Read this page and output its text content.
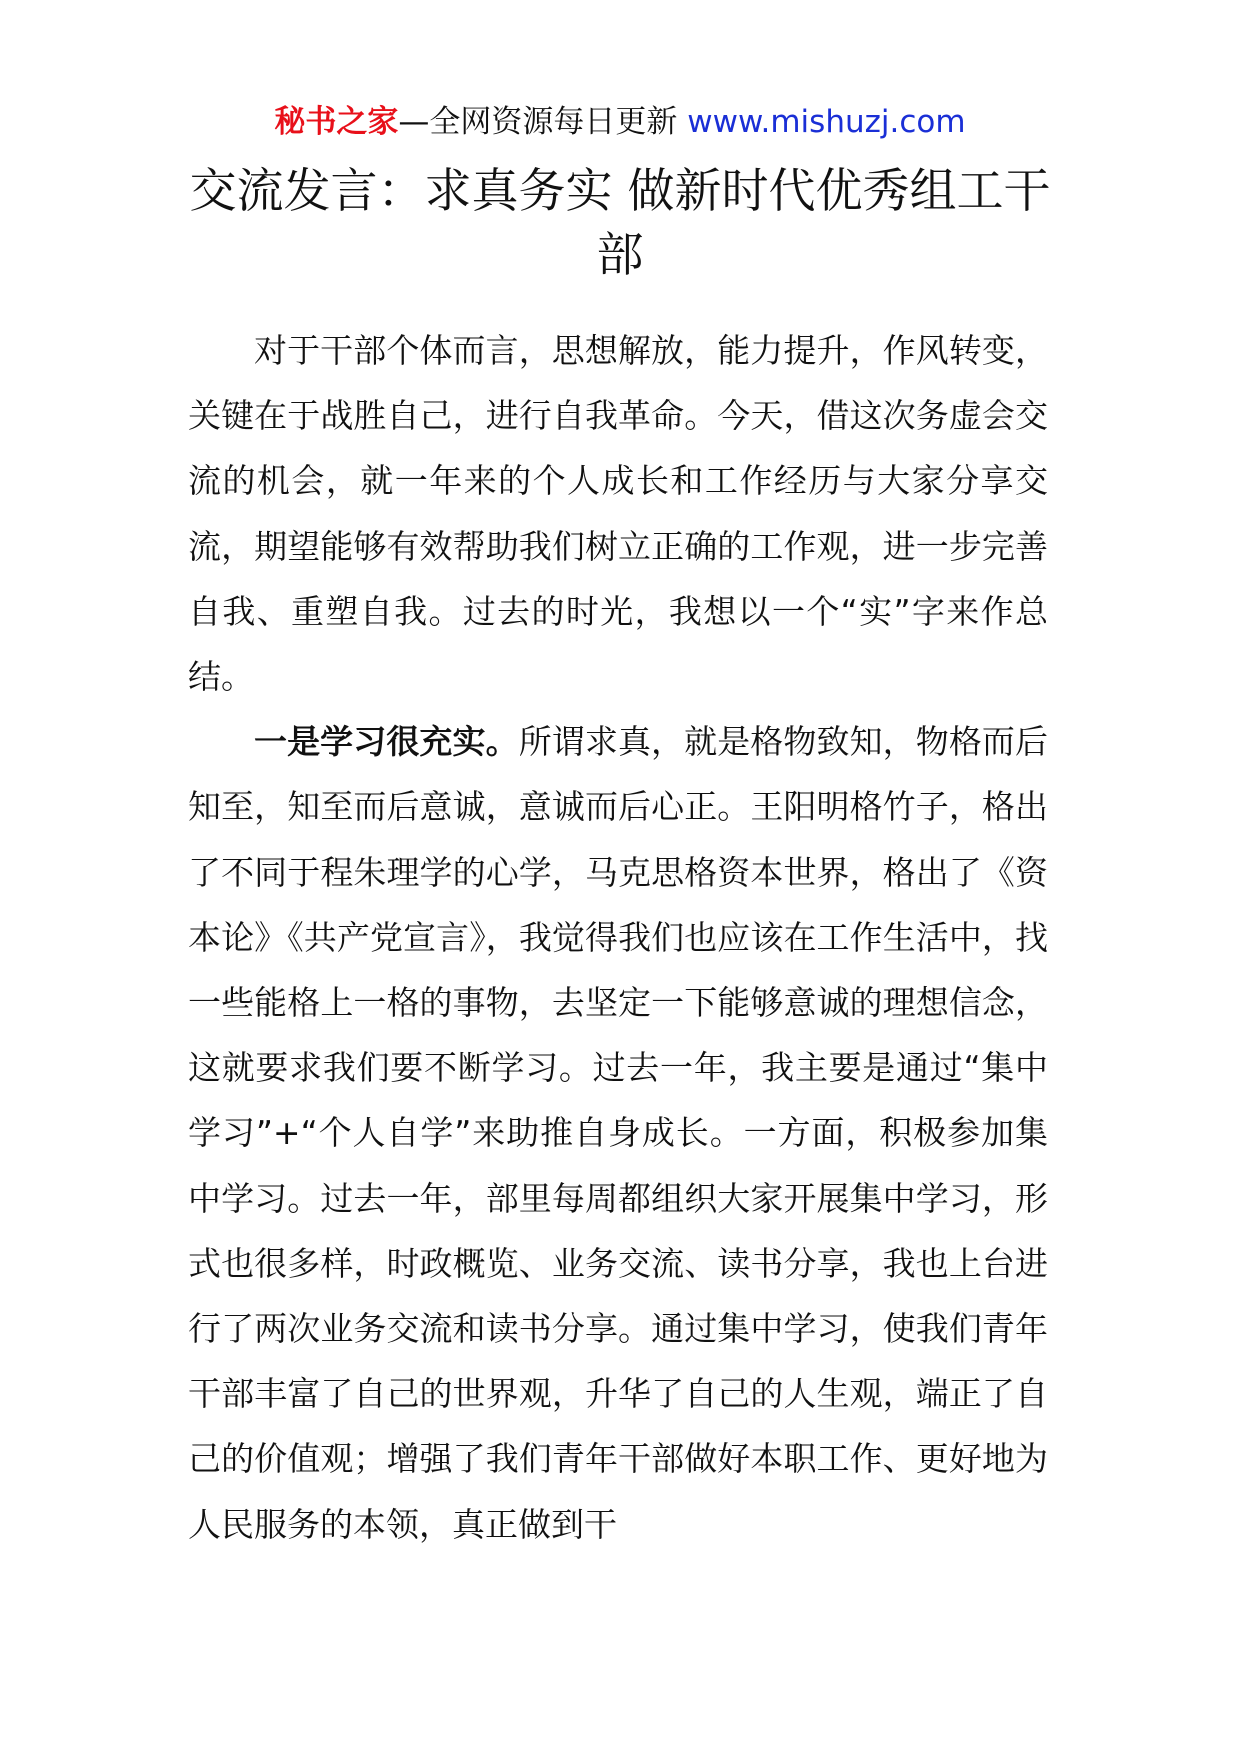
秘书之家—全网资源每日更新 www.mishuzj.com
交流发言：求真务实 做新时代优秀组工干部

对于干部个体而言，思想解放，能力提升，作风转变，关键在于战胜自己，进行自我革命。今天，借这次务虚会交流的机会，就一年来的个人成长和工作经历与大家分享交流，期望能够有效帮助我们树立正确的工作观，进一步完善自我、重塑自我。过去的时光，我想以一个“实”字来作总结。

一是学习很充实。所谓求真，就是格物致知，物格而后知至，知至而后意诚，意诚而后心正。王阳明格竹子，格出了不同于程朱理学的心学，马克思格资本世界，格出了《资本论》《共产党宣言》，我觉得我们也应该在工作生活中，找一些能格上一格的事物，去坚定一下能够意诚的理想信念，这就要求我们要不断学习。过去一年，我主要是通过“集中学习”+“个人自学”来助推自身成长。一方面，积极参加集中学习。过去一年，部里每周都组织大家开展集中学习，形式也很多样，时政概览、业务交流、读书分享，我也上台进行了两次业务交流和读书分享。通过集中学习，使我们青年干部丰富了自己的世界观，升华了自己的人生观，端正了自己的价值观；增强了我们青年干部做好本职工作、更好地为人民服务的本领，真正做到干
